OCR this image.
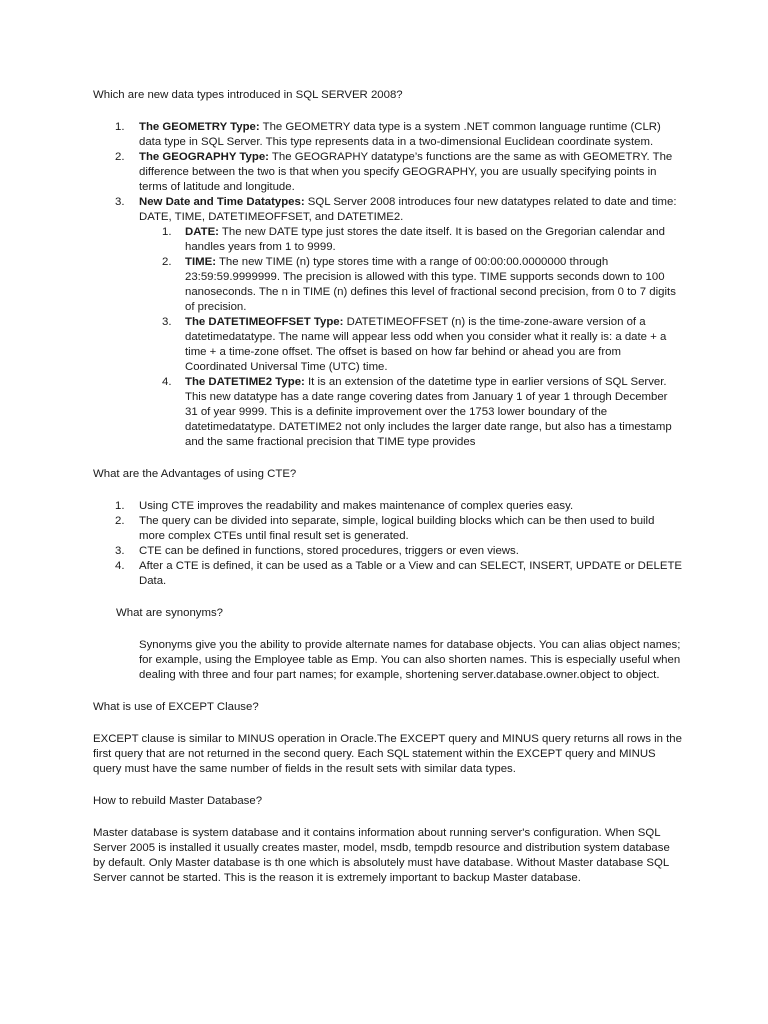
Which are new data types introduced in SQL SERVER 2008?

1. The GEOMETRY Type: The GEOMETRY data type is a system .NET common language runtime (CLR) data type in SQL Server. This type represents data in a two-dimensional Euclidean coordinate system.
2. The GEOGRAPHY Type: The GEOGRAPHY datatype’s functions are the same as with GEOMETRY. The difference between the two is that when you specify GEOGRAPHY, you are usually specifying points in terms of latitude and longitude.
3. New Date and Time Datatypes: SQL Server 2008 introduces four new datatypes related to date and time: DATE, TIME, DATETIMEOFFSET, and DATETIME2.
1. DATE: The new DATE type just stores the date itself. It is based on the Gregorian calendar and handles years from 1 to 9999.
2. TIME: The new TIME (n) type stores time with a range of 00:00:00.0000000 through 23:59:59.9999999. The precision is allowed with this type. TIME supports seconds down to 100 nanoseconds. The n in TIME (n) defines this level of fractional second precision, from 0 to 7 digits of precision.
3. The DATETIMEOFFSET Type: DATETIMEOFFSET (n) is the time-zone-aware version of a datetimedatatype. The name will appear less odd when you consider what it really is: a date + a time + a time-zone offset. The offset is based on how far behind or ahead you are from Coordinated Universal Time (UTC) time.
4. The DATETIME2 Type: It is an extension of the datetime type in earlier versions of SQL Server. This new datatype has a date range covering dates from January 1 of year 1 through December 31 of year 9999. This is a definite improvement over the 1753 lower boundary of the datetimedatatype. DATETIME2 not only includes the larger date range, but also has a timestamp and the same fractional precision that TIME type provides

What are the Advantages of using CTE?

1. Using CTE improves the readability and makes maintenance of complex queries easy.
2. The query can be divided into separate, simple, logical building blocks which can be then used to build more complex CTEs until final result set is generated.
3. CTE can be defined in functions, stored procedures, triggers or even views.
4. After a CTE is defined, it can be used as a Table or a View and can SELECT, INSERT, UPDATE or DELETE Data.

What are synonyms?

Synonyms give you the ability to provide alternate names for database objects. You can alias object names; for example, using the Employee table as Emp. You can also shorten names. This is especially useful when dealing with three and four part names; for example, shortening server.database.owner.object to object.

What is use of EXCEPT Clause?

EXCEPT clause is similar to MINUS operation in Oracle.The EXCEPT query and MINUS query returns all rows in the first query that are not returned in the second query. Each SQL statement within the EXCEPT query and MINUS query must have the same number of fields in the result sets with similar data types.

How to rebuild Master Database?

Master database is system database and it contains information about running server's configuration. When SQL Server 2005 is installed it usually creates master, model, msdb, tempdb resource and distribution system database by default. Only Master database is th one which is absolutely must have database. Without Master database SQL Server cannot be started. This is the reason it is extremely important to backup Master database.
